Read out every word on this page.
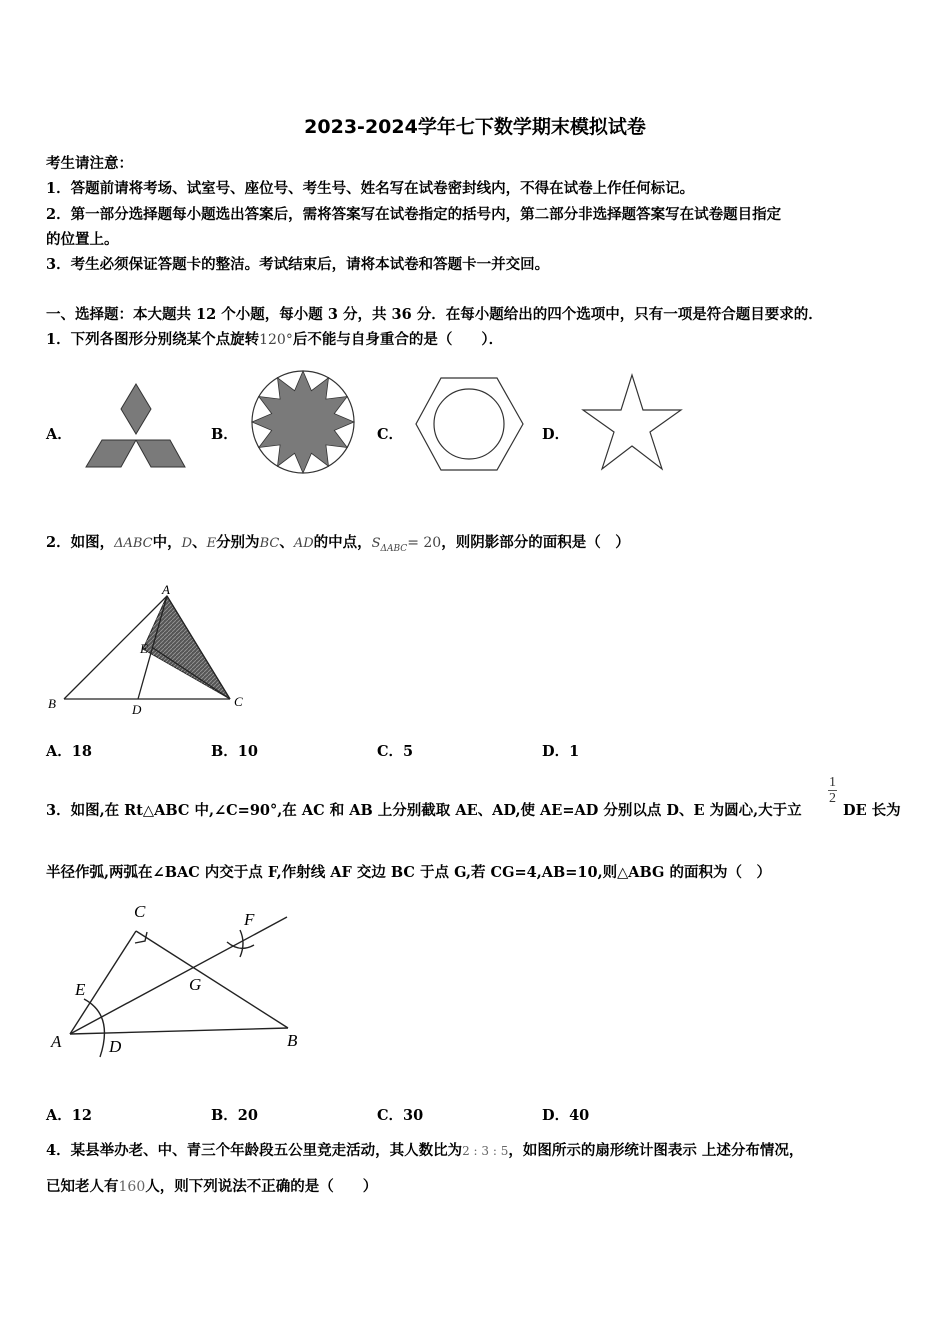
2023-2024学年七下数学期末模拟试卷
考生请注意：
1．答题前请将考场、试室号、座位号、考生号、姓名写在试卷密封线内，不得在试卷上作任何标记。
2．第一部分选择题每小题选出答案后，需将答案写在试卷指定的括号内，第二部分非选择题答案写在试卷题目指定
的位置上。
3．考生必须保证答题卡的整洁。考试结束后，请将本试卷和答题卡一并交回。
一、选择题：本大题共 12 个小题，每小题 3 分，共 36 分．在每小题给出的四个选项中，只有一项是符合题目要求的．
1．下列各图形分别绕某个点旋转120°后不能与自身重合的是（　　）．
A．	B．	C．	D．
2．如图，ΔABC中，D、E分别为BC、AD的中点，$S_{\Delta ABC}= 20$，则阴影部分的面积是（　）
A
B	C
D
E
A．18	B．10	C．5	D．1
3．如图,在 Rt△ABC 中,∠C=90°,在 AC 和 AB 上分别截取 AE、AD,使 AE=AD 分别以点 D、E 为圆心,大于立
$\frac{1}{2}$
DE 长为
半径作弧,两弧在∠BAC 内交于点 F,作射线 AF 交边 BC 于点 G,若 CG=4,AB=10,则△ABG 的面积为（　）
C	F
E	G
A	D	B
A．12	B．20	C．30	D．40
4．某县举办老、中、青三个年龄段五公里竞走活动，其人数比为2 : 3 : 5，如图所示的扇形统计图表示 上述分布情况，
已知老人有160人，则下列说法不正确的是（　　）
